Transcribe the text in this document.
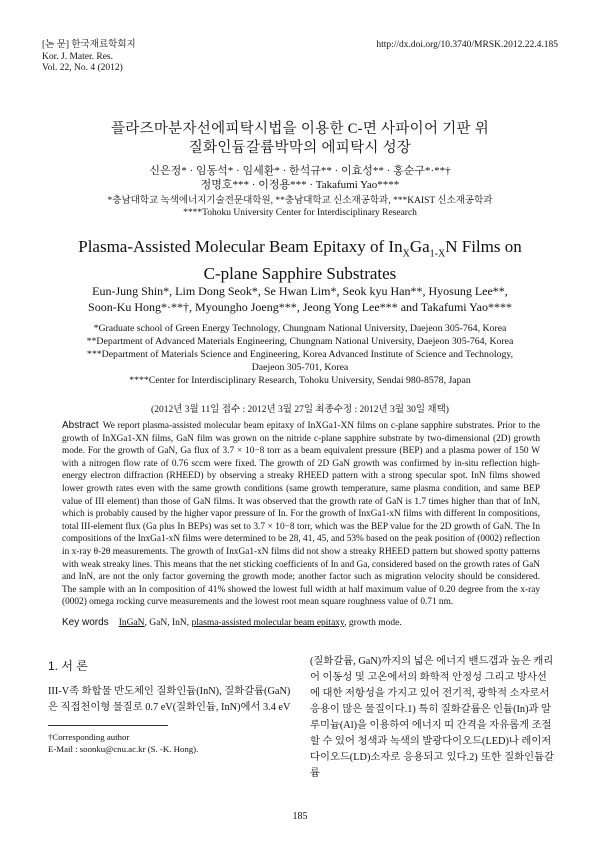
[논 문] 한국재료학회지
Kor. J. Mater. Res.
Vol. 22, No. 4 (2012)
http://dx.doi.org/10.3740/MRSK.2012.22.4.185
플라즈마분자선에피탁시법을 이용한 C-면 사파이어 기판 위
질화인듐갈륨박막의 에피탁시 성장
신은정* · 임동석* · 임세환* · 한석규** · 이효성** · 홍순구*·**†
정명호*** · 이정용*** · Takafumi Yao****
*충남대학교 녹색에너지기술전문대학원, **충남대학교 신소재공학과, ***KAIST 신소재공학과
****Tohoku University Center for Interdisciplinary Research
Plasma-Assisted Molecular Beam Epitaxy of $In_XGa_{1-X}N$ Films on
C-plane Sapphire Substrates
Eun-Jung Shin*, Lim Dong Seok*, Se Hwan Lim*, Seok kyu Han**, Hyosung Lee**,
Soon-Ku Hong*·**†, Myoungho Joeng***, Jeong Yong Lee*** and Takafumi Yao****
*Graduate school of Green Energy Technology, Chungnam National University, Daejeon 305-764, Korea
**Department of Advanced Materials Engineering, Chungnam National University, Daejeon 305-764, Korea
***Department of Materials Science and Engineering, Korea Advanced Institute of Science and Technology,
Daejeon 305-701, Korea
****Center for Interdisciplinary Research, Tohoku University, Sendai 980-8578, Japan
(2012년 3월 11일 접수 : 2012년 3월 27일 최종수정 : 2012년 3월 30일 채택)
Abstract We report plasma-assisted molecular beam epitaxy of InXGa1-XN films on c-plane sapphire substrates. Prior to the growth of InXGa1-XN films, GaN film was grown on the nitride c-plane sapphire substrate by two-dimensional (2D) growth mode. For the growth of GaN, Ga flux of 3.7 × 10−8 torr as a beam equivalent pressure (BEP) and a plasma power of 150 W with a nitrogen flow rate of 0.76 sccm were fixed. The growth of 2D GaN growth was confirmed by in-situ reflection high-energy electron diffraction (RHEED) by observing a streaky RHEED pattern with a strong specular spot. InN films showed lower growth rates even with the same growth conditions (same growth temperature, same plasma condition, and same BEP value of III element) than those of GaN films. It was observed that the growth rate of GaN is 1.7 times higher than that of InN, which is probably caused by the higher vapor pressure of In. For the growth of InxGa1-xN films with different In compositions, total III-element flux (Ga plus In BEPs) was set to 3.7 × 10−8 torr, which was the BEP value for the 2D growth of GaN. The In compositions of the InxGa1-xN films were determined to be 28, 41, 45, and 53% based on the peak position of (0002) reflection in x-ray θ-2θ measurements. The growth of InxGa1-xN films did not show a streaky RHEED pattern but showed spotty patterns with weak streaky lines. This means that the net sticking coefficients of In and Ga, considered based on the growth rates of GaN and InN, are not the only factor governing the growth mode; another factor such as migration velocity should be considered. The sample with an In composition of 41% showed the lowest full width at half maximum value of 0.20 degree from the x-ray (0002) omega rocking curve measurements and the lowest root mean square roughness value of 0.71 nm.
Key words InGaN, GaN, InN, plasma-assisted molecular beam epitaxy, growth mode.
1. 서 론
III-V족 화합물 반도체인 질화인듐(InN), 질화갈륨(GaN)
은 직접천이형 물질로 0.7 eV(질화인듐, InN)에서 3.4 eV
†Corresponding author
E-Mail : soonku@cnu.ac.kr (S. -K. Hong).
(질화갈륨, GaN)까지의 넓은 에너지 밴드갭과 높은 캐리
어 이동성 및 고온에서의 화학적 안정성 그리고 방사선
에 대한 저항성을 가지고 있어 전기적, 광학적 소자로서
응용이 많은 물질이다.1) 특히 질화갈륨은 인듐(In)과 알
루미늄(Al)을 이용하여 에너지 띠 간격을 자유롭게 조절
할 수 있어 청색과 녹색의 발광다이오드(LED)나 레이저
다이오드(LD)소자로 응용되고 있다.2) 또한 질화인듐갈륨
185
